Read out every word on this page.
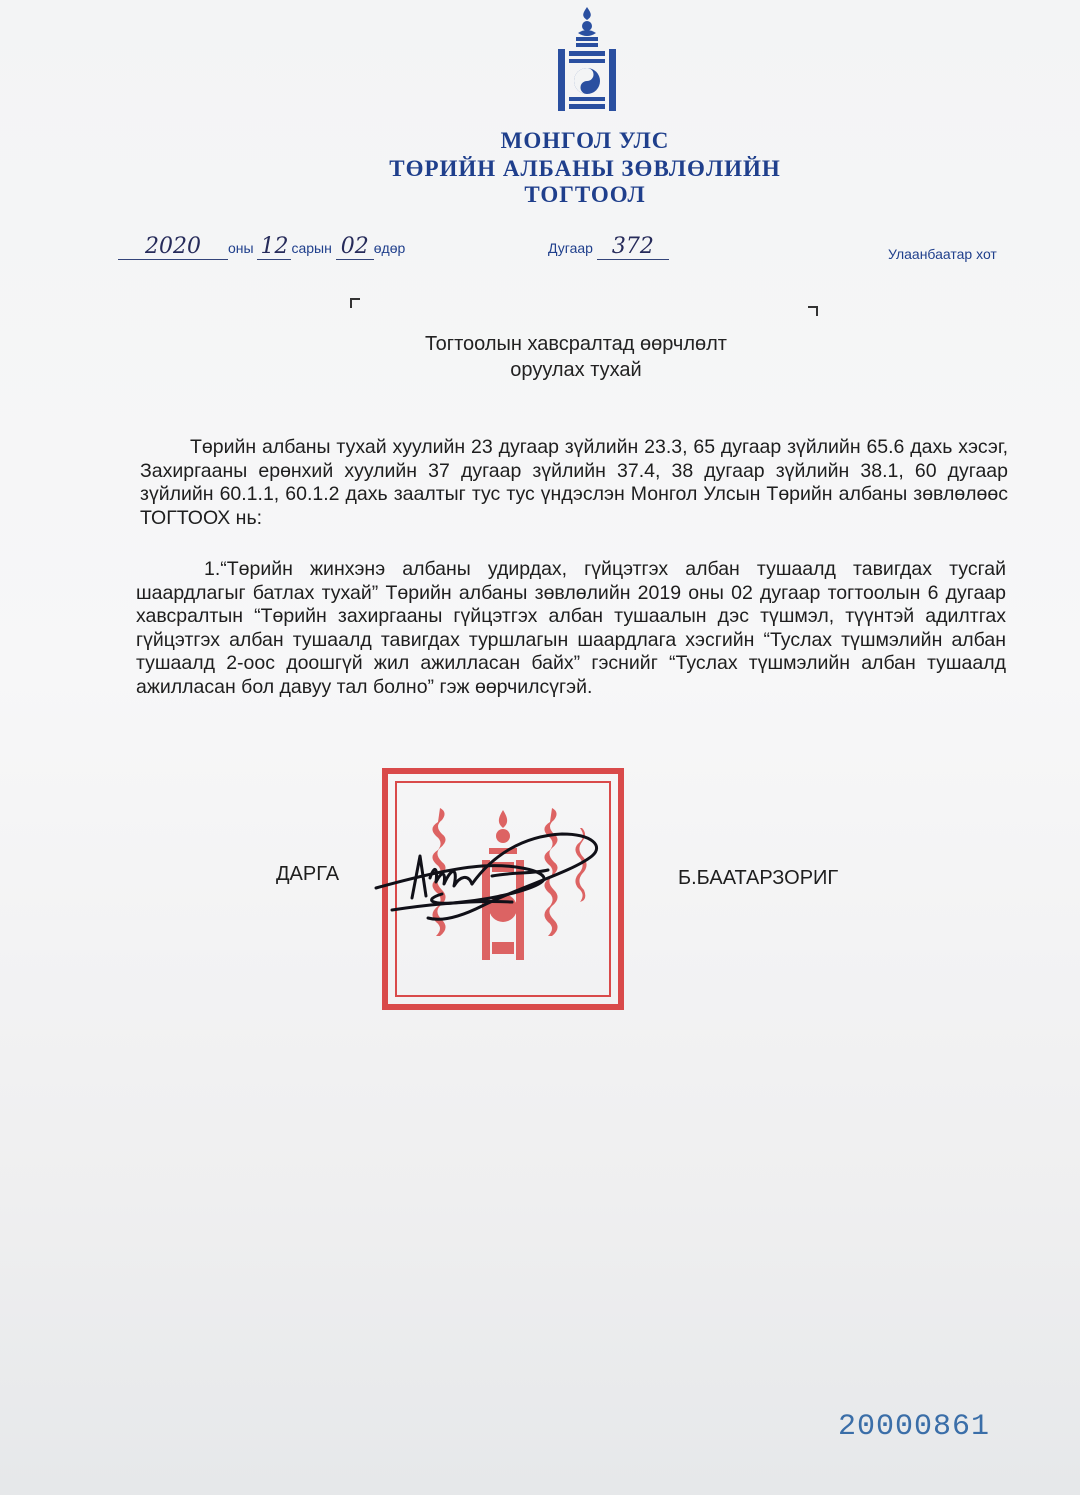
МОНГОЛ УЛС
ТӨРИЙН АЛБАНЫ ЗӨВЛӨЛИЙН
ТОГТООЛ
2020 оны 12 сарын 02 өдөр	Дугаар 372	Улаанбаатар хот
Тогтоолын хавсралтад өөрчлөлт
оруулах тухай
Төрийн албаны тухай хуулийн 23 дугаар зүйлийн 23.3, 65 дугаар зүйлийн 65.6 дахь хэсэг, Захиргааны ерөнхий хуулийн 37 дугаар зүйлийн 37.4, 38 дугаар зүйлийн 38.1, 60 дугаар зүйлийн 60.1.1, 60.1.2 дахь заалтыг тус тус үндэслэн Монгол Улсын Төрийн албаны зөвлөлөөс ТОГТООХ нь:
1.“Төрийн жинхэнэ албаны удирдах, гүйцэтгэх албан тушаалд тавигдах тусгай шаардлагыг батлах тухай” Төрийн албаны зөвлөлийн 2019 оны 02 дугаар тогтоолын 6 дугаар хавсралтын “Төрийн захиргааны гүйцэтгэх албан тушаалын дэс түшмэл, түүнтэй адилтгах гүйцэтгэх албан тушаалд тавигдах туршлагын шаардлага хэсгийн “Туслах түшмэлийн албан тушаалд 2-оос доошгүй жил ажилласан байх” гэснийг “Туслах түшмэлийн албан тушаалд ажилласан бол давуу тал болно” гэж өөрчилсүгэй.
ДАРГА	Б.БААТАРЗОРИГ
20000861
